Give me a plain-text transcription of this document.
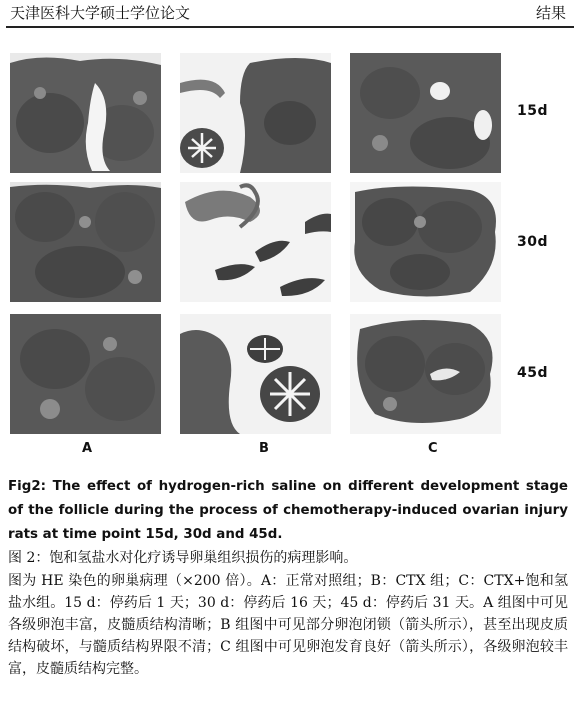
天津医科大学硕士学位论文	结果
15d
30d
45d
A	B	C
Fig2: The effect of hydrogen-rich saline on different development stage of the follicle during the process of chemotherapy-induced ovarian injury rats at time point 15d, 30d and 45d.
图 2：饱和氢盐水对化疗诱导卵巢组织损伤的病理影响。
图为 HE 染色的卵巢病理（×200 倍）。A：正常对照组；B：CTX 组；C：CTX+饱和氢盐水组。15 d：停药后 1 天；30 d：停药后 16 天；45 d：停药后 31 天。A 组图中可见各级卵泡丰富，皮髓质结构清晰；B 组图中可见部分卵泡闭锁（箭头所示），甚至出现皮质结构破坏，与髓质结构界限不清；C 组图中可见卵泡发育良好（箭头所示），各级卵泡较丰富，皮髓质结构完整。
